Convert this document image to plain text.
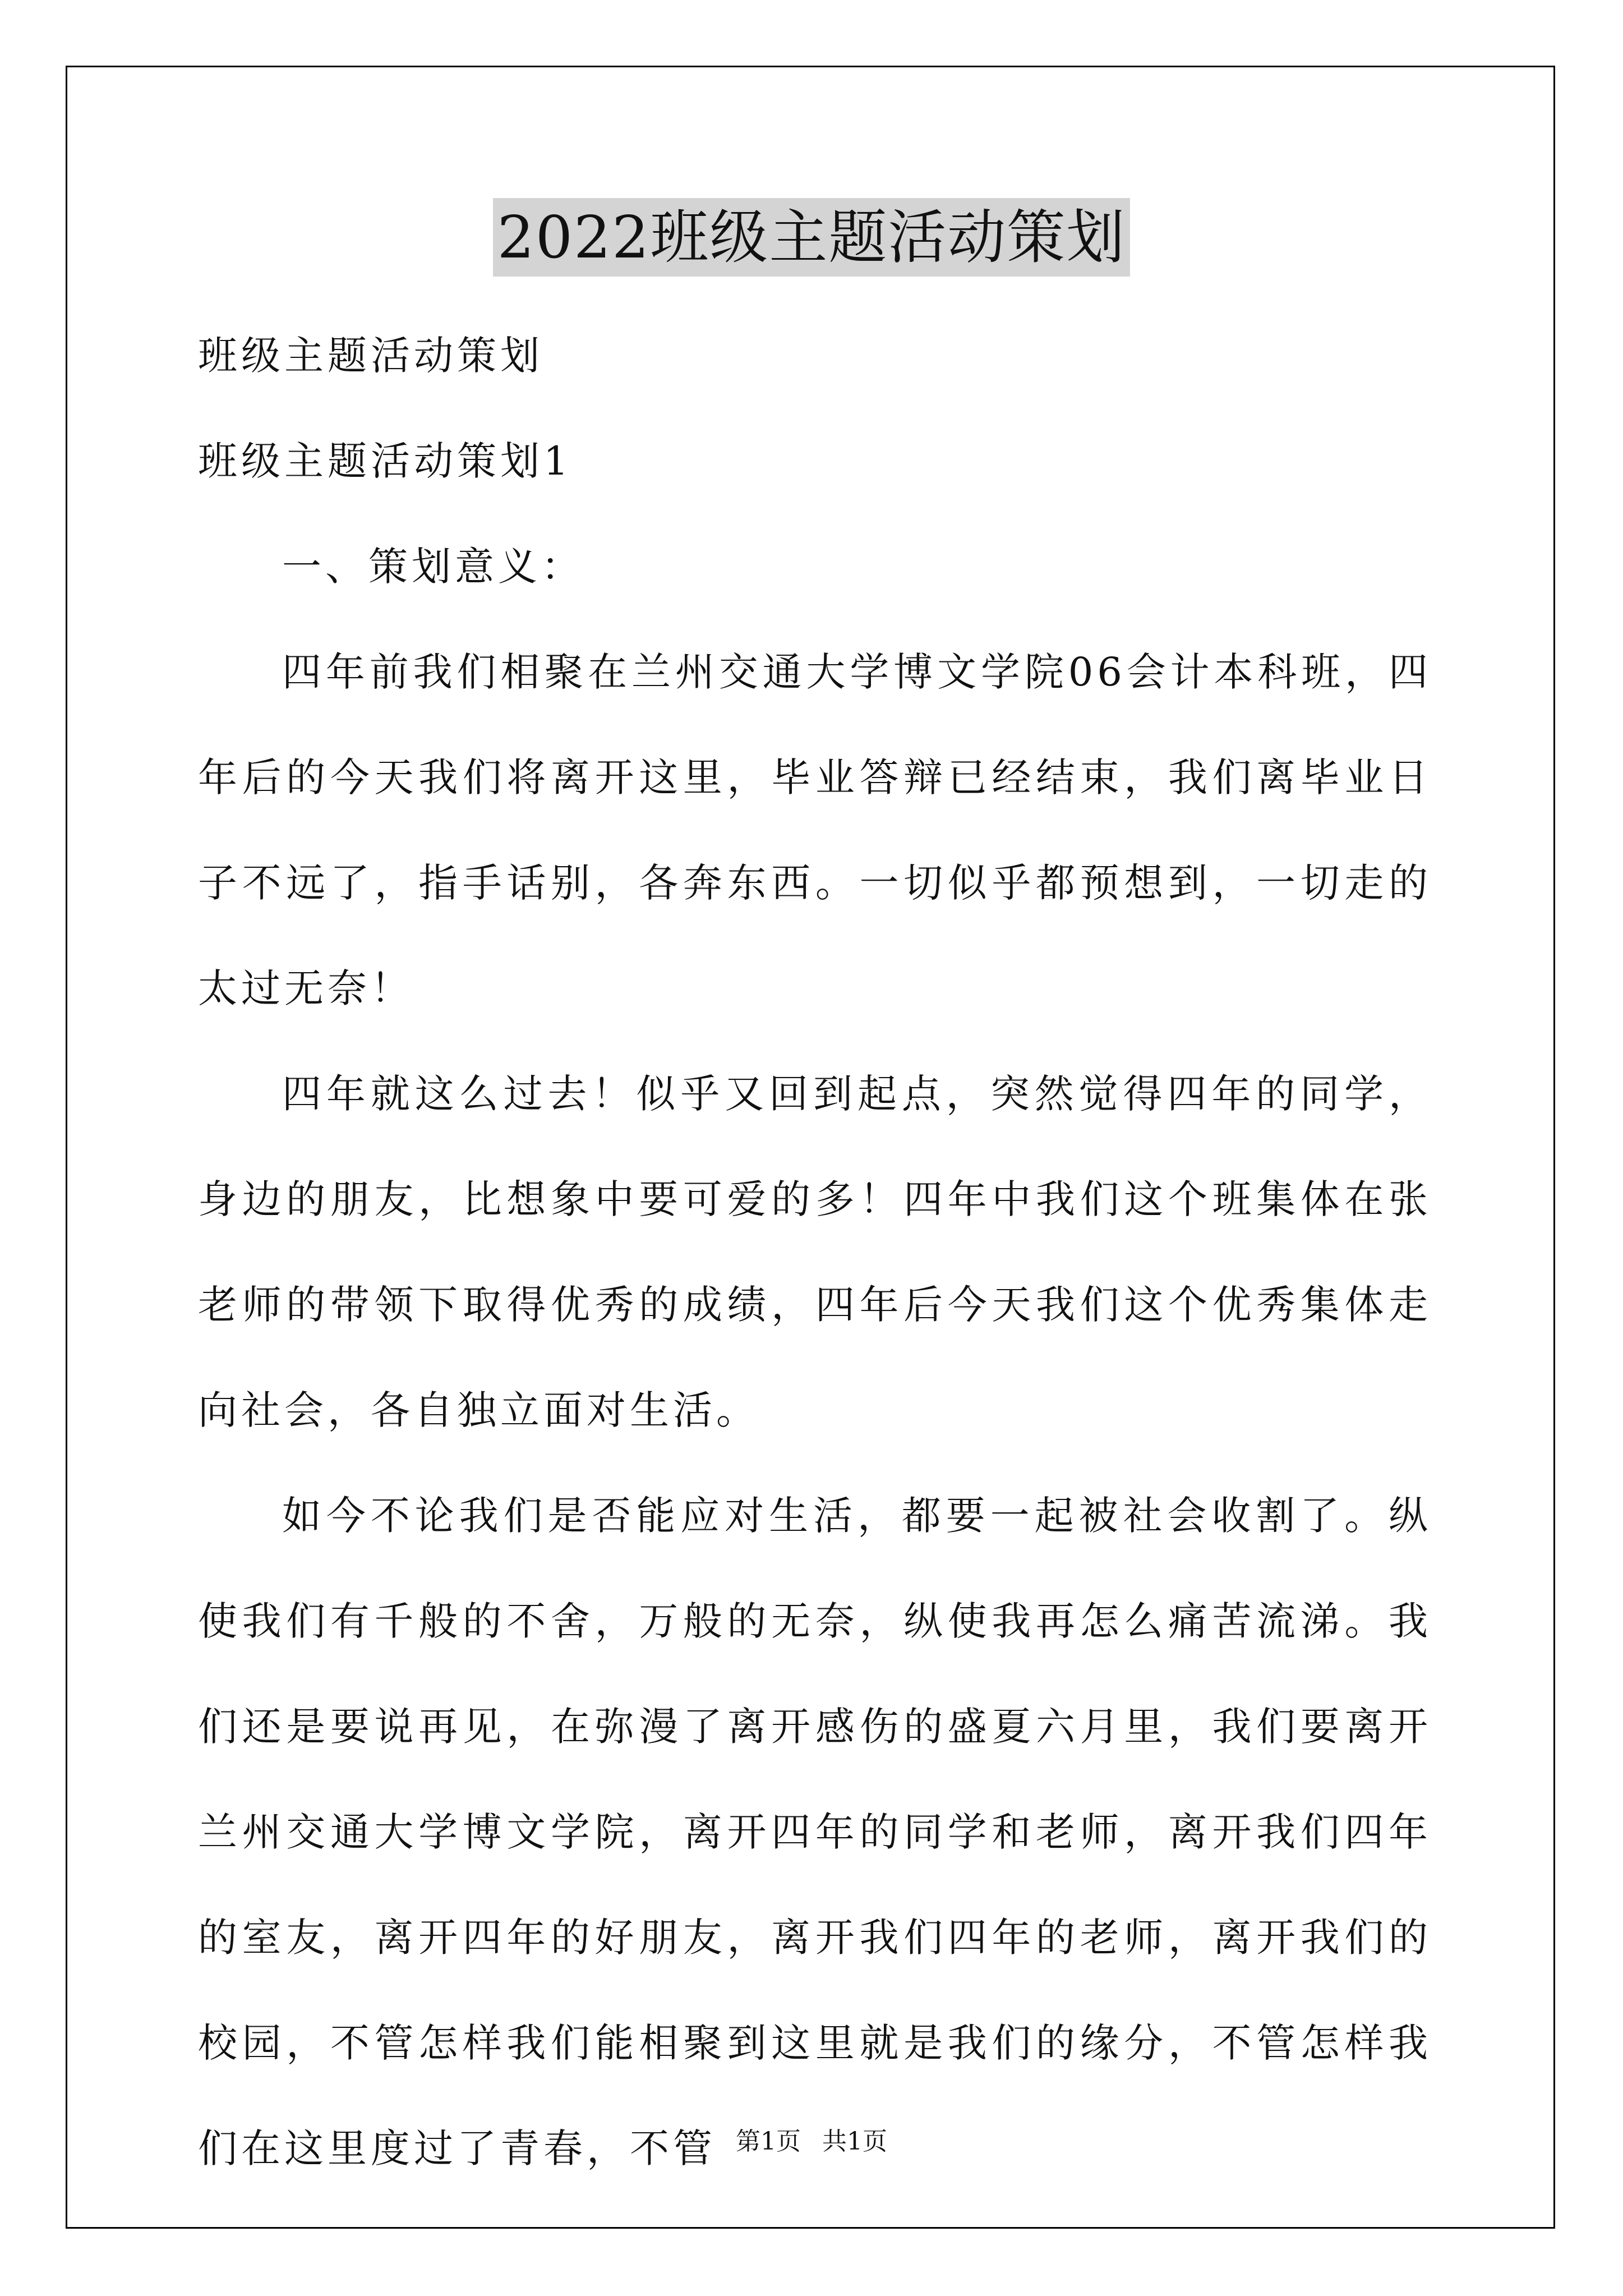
2022班级主题活动策划

班级主题活动策划

班级主题活动策划1

一、策划意义：

四年前我们相聚在兰州交通大学博文学院06会计本科班，四年后的今天我们将离开这里，毕业答辩已经结束，我们离毕业日子不远了，指手话别，各奔东西。一切似乎都预想到，一切走的太过无奈！

四年就这么过去！似乎又回到起点，突然觉得四年的同学，身边的朋友，比想象中要可爱的多！四年中我们这个班集体在张老师的带领下取得优秀的成绩，四年后今天我们这个优秀集体走向社会，各自独立面对生活。

如今不论我们是否能应对生活，都要一起被社会收割了。纵使我们有千般的不舍，万般的无奈，纵使我再怎么痛苦流涕。我们还是要说再见，在弥漫了离开感伤的盛夏六月里，我们要离开兰州交通大学博文学院，离开四年的同学和老师，离开我们四年的室友，离开四年的好朋友，离开我们四年的老师，离开我们的校园，不管怎样我们能相聚到这里就是我们的缘分，不管怎样我们在这里度过了青春，不管 第1页 共1页
